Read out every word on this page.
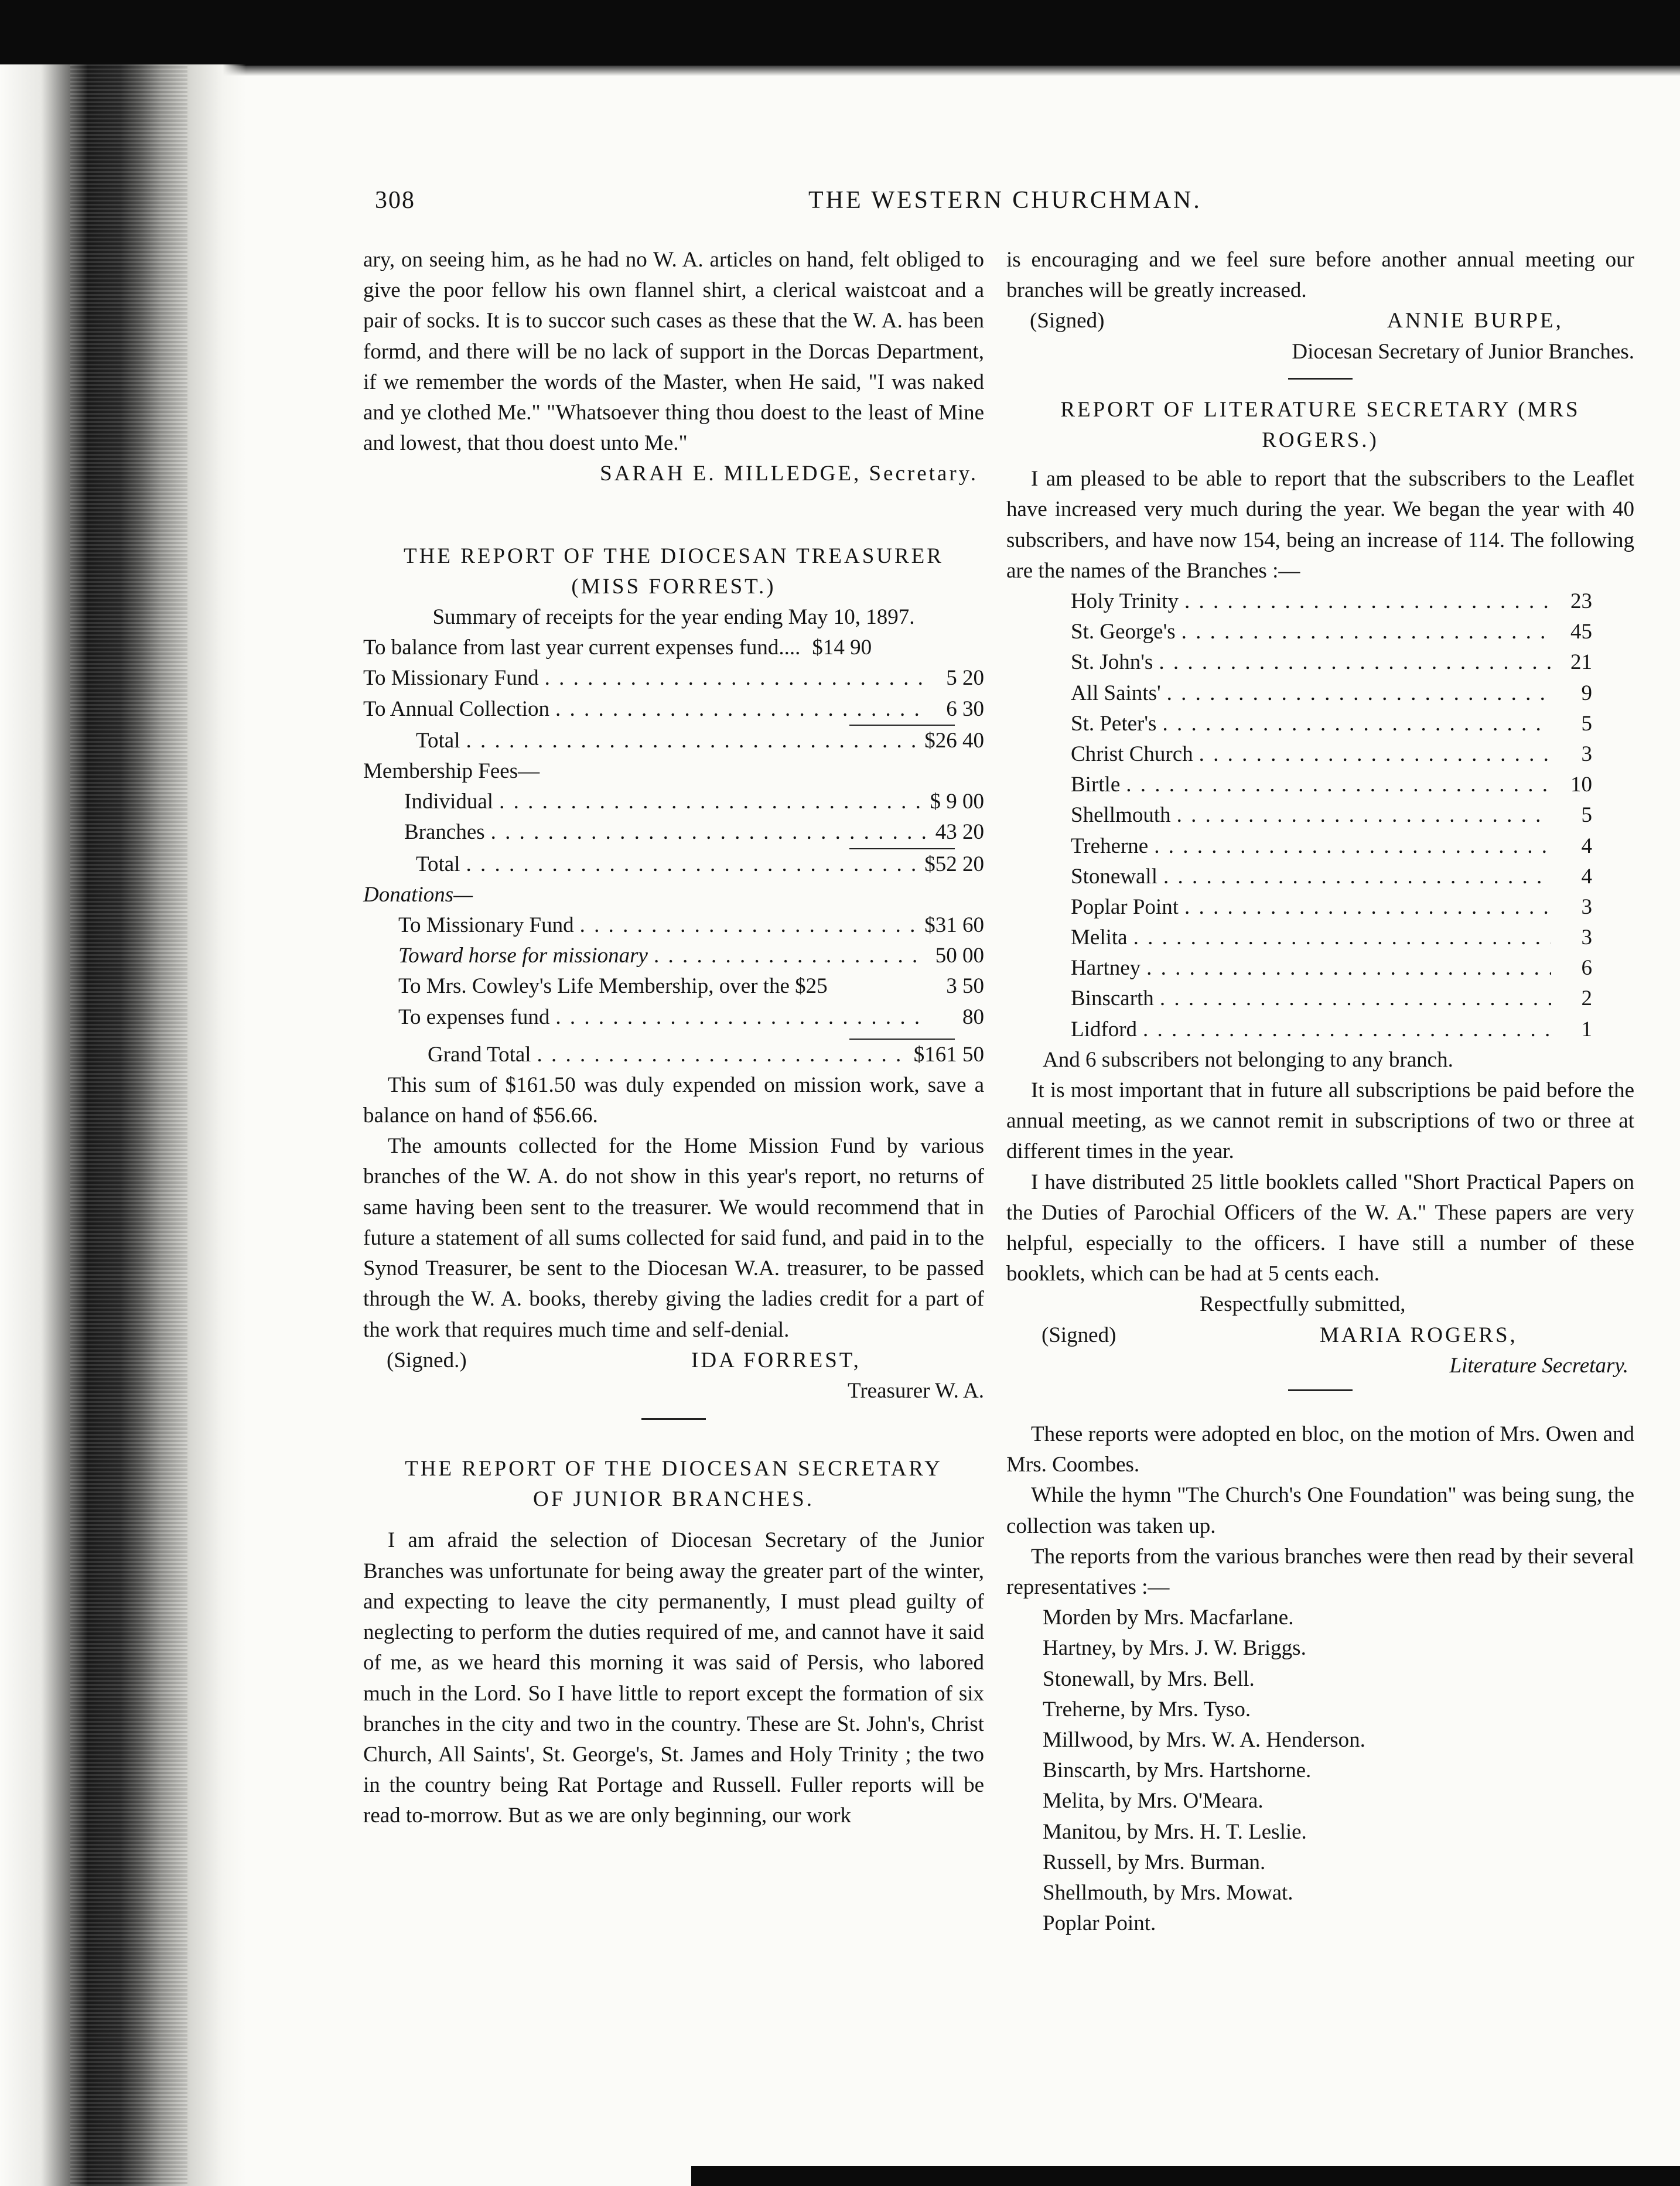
308	THE WESTERN CHURCHMAN.

ary, on seeing him, as he had no W. A. articles on hand, felt obliged to give the poor fellow his own flannel shirt, a clerical waistcoat and a pair of socks. It is to succor such cases as these that the W. A. has been formd, and there will be no lack of support in the Dorcas Department, if we remember the words of the Master, when He said, "I was naked and ye clothed Me." "Whatsoever thing thou doest to the least of Mine and lowest, that thou doest unto Me."

SARAH E. MILLEDGE, Secretary.
THE REPORT OF THE DIOCESAN TREASURER
(MISS FORREST.)
Summary of receipts for the year ending May 10, 1897.
To balance from last year current expenses fund.... $14 90
To Missionary Fund . . .	5 20
To Annual Collection . . .	6 30
Total . . .	$26 40
Membership Fees—
Individual . . .	$ 9 00
Branches . . .	43 20
Total . . .	$52 20
Donations—
To Missionary Fund . . .	$31 60
Toward horse for missionary . . .	50 00
To Mrs. Cowley's Life Membership, over the $25	3 50
To expenses fund . . .	80
Grand Total . . .	$161 50

This sum of $161.50 was duly expended on mission work, save a balance on hand of $56.66.

The amounts collected for the Home Mission Fund by various branches of the W. A. do not show in this year's report, no returns of same having been sent to the treasurer. We would recommend that in future a statement of all sums collected for said fund, and paid in to the Synod Treasurer, be sent to the Diocesan W.A. treasurer, to be passed through the W. A. books, thereby giving the ladies credit for a part of the work that requires much time and self-denial.

(Signed.)	IDA FORREST,
Treasurer W. A.
THE REPORT OF THE DIOCESAN SECRETARY
OF JUNIOR BRANCHES.

I am afraid the selection of Diocesan Secretary of the Junior Branches was unfortunate for being away the greater part of the winter, and expecting to leave the city permanently, I must plead guilty of neglecting to perform the duties required of me, and cannot have it said of me, as we heard this morning it was said of Persis, who labored much in the Lord. So I have little to report except the formation of six branches in the city and two in the country. These are St. John's, Christ Church, All Saints', St. George's, St. James and Holy Trinity ; the two in the country being Rat Portage and Russell. Fuller reports will be read to-morrow. But as we are only beginning, our work

is encouraging and we feel sure before another annual meeting our branches will be greatly increased.

(Signed)	ANNIE BURPE,
Diocesan Secretary of Junior Branches.
REPORT OF LITERATURE SECRETARY (MRS
ROGERS.)

I am pleased to be able to report that the subscribers to the Leaflet have increased very much during the year. We began the year with 40 subscribers, and have now 154, being an increase of 114. The following are the names of the Branches :—

Holy Trinity . . .	23
St. George's . . .	45
St. John's . . .	21
All Saints' . . .	9
St. Peter's . . .	5
Christ Church . . .	3
Birtle . . .	10
Shellmouth . . .	5
Treherne . . .	4
Stonewall . . .	4
Poplar Point . . .	3
Melita . . .	3
Hartney . . .	6
Binscarth . . .	2
Lidford . . .	1
And 6 subscribers not belonging to any branch.

It is most important that in future all subscriptions be paid before the annual meeting, as we cannot remit in subscriptions of two or three at different times in the year.

I have distributed 25 little booklets called "Short Practical Papers on the Duties of Parochial Officers of the W. A." These papers are very helpful, especially to the officers. I have still a number of these booklets, which can be had at 5 cents each.

Respectfully submitted,
(Signed)	MARIA ROGERS,
Literature Secretary.

These reports were adopted en bloc, on the motion of Mrs. Owen and Mrs. Coombes.

While the hymn "The Church's One Foundation" was being sung, the collection was taken up.

The reports from the various branches were then read by their several representatives :—

Morden by Mrs. Macfarlane.
Hartney, by Mrs. J. W. Briggs.
Stonewall, by Mrs. Bell.
Treherne, by Mrs. Tyso.
Millwood, by Mrs. W. A. Henderson.
Binscarth, by Mrs. Hartshorne.
Melita, by Mrs. O'Meara.
Manitou, by Mrs. H. T. Leslie.
Russell, by Mrs. Burman.
Shellmouth, by Mrs. Mowat.
Poplar Point.
